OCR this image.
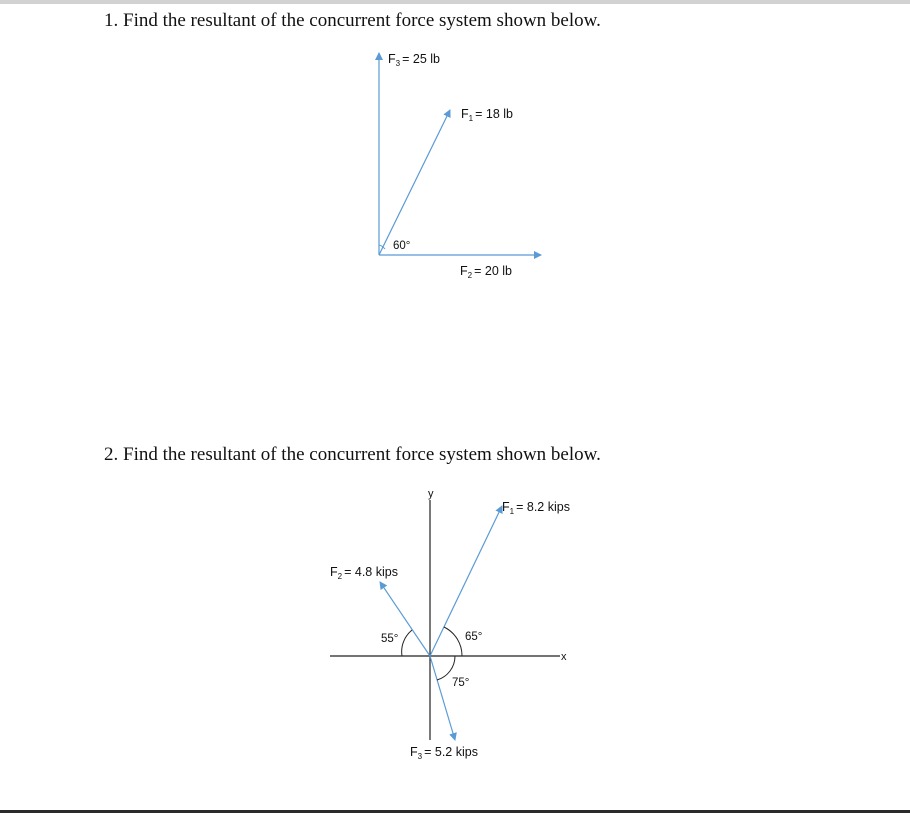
1. Find the resultant of the concurrent force system shown below.

$F_3 = 25$ lb
$F_1 = 18$ lb
$F_2 = 20$ lb
60°
y
x
$F_1 = 8.2$ kips
$F_2 = 4.8$ kips
$F_3 = 5.2$ kips
55°	65°
75°

2. Find the resultant of the concurrent force system shown below.
